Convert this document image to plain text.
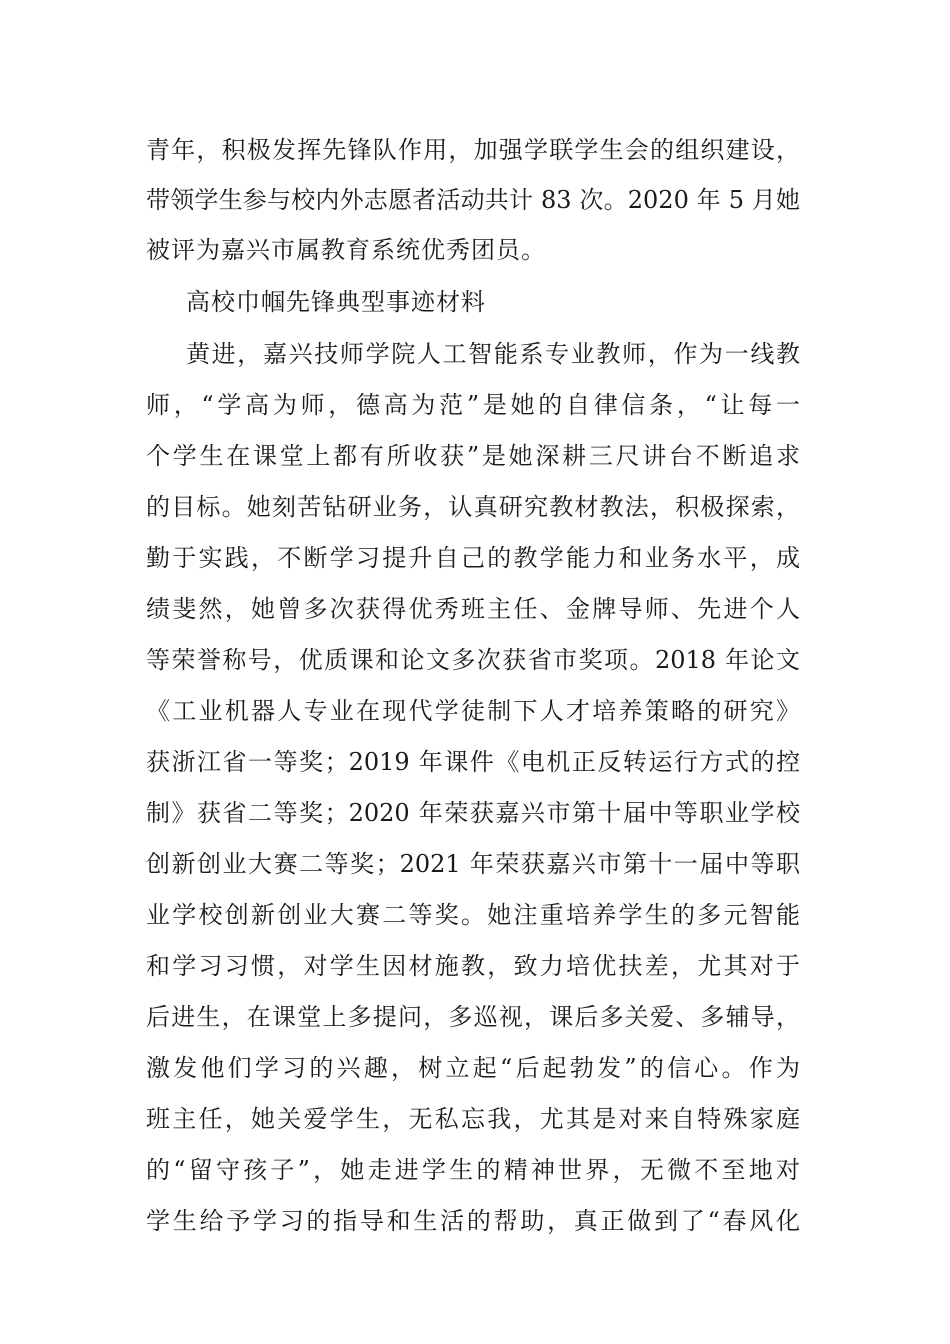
青年，积极发挥先锋队作用，加强学联学生会的组织建设，
带领学生参与校内外志愿者活动共计 83 次。2020 年 5 月她
被评为嘉兴市属教育系统优秀团员。
高校巾帼先锋典型事迹材料
黄进，嘉兴技师学院人工智能系专业教师，作为一线教
师，“学高为师，德高为范”是她的自律信条，“让每一
个学生在课堂上都有所收获”是她深耕三尺讲台不断追求
的目标。她刻苦钻研业务，认真研究教材教法，积极探索，
勤于实践，不断学习提升自己的教学能力和业务水平，成
绩斐然，她曾多次获得优秀班主任、金牌导师、先进个人
等荣誉称号，优质课和论文多次获省市奖项。2018 年论文
《工业机器人专业在现代学徒制下人才培养策略的研究》
获浙江省一等奖；2019 年课件《电机正反转运行方式的控
制》获省二等奖；2020 年荣获嘉兴市第十届中等职业学校
创新创业大赛二等奖；2021 年荣获嘉兴市第十一届中等职
业学校创新创业大赛二等奖。她注重培养学生的多元智能
和学习习惯，对学生因材施教，致力培优扶差，尤其对于
后进生，在课堂上多提问，多巡视，课后多关爱、多辅导，
激发他们学习的兴趣，树立起“后起勃发”的信心。作为
班主任，她关爱学生，无私忘我，尤其是对来自特殊家庭
的“留守孩子”，她走进学生的精神世界，无微不至地对
学生给予学习的指导和生活的帮助，真正做到了“春风化
